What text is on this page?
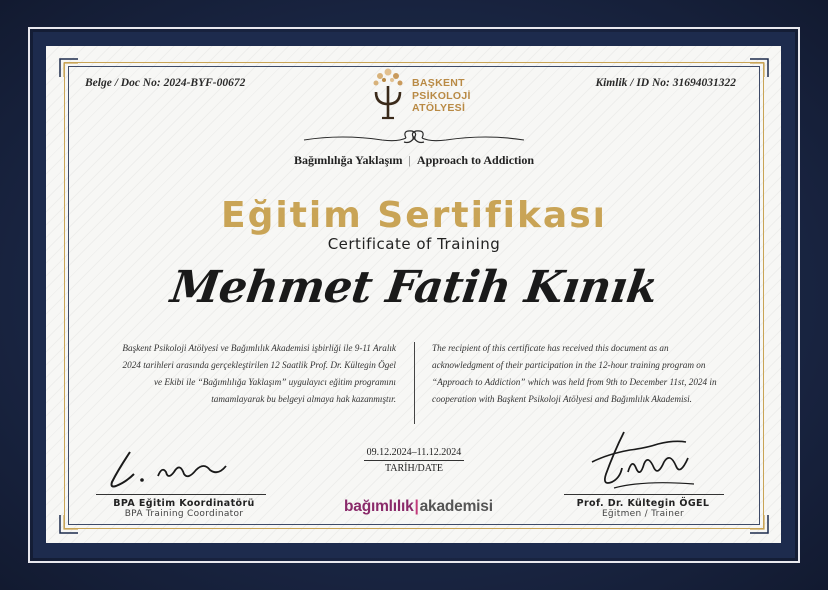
Belge / Doc No: 2024-BYF-00672	Kimlik / ID No: 31694031322
BAŞKENT
PSİKOLOJİ
ATÖLYESİ
Bağımlılığa Yaklaşım | Approach to Addiction
Eğitim Sertifikası
Certificate of Training
Mehmet Fatih Kınık
Başkent Psikoloji Atölyesi ve Bağımlılık Akademisi işbirliği ile 9-11 Aralık 2024 tarihleri arasında gerçekleştirilen 12 Saatlik Prof. Dr. Kültegin Ögel ve Ekibi ile “Bağımlılığa Yaklaşım” uygulayıcı eğitim programını tamamlayarak bu belgeyi almaya hak kazanmıştır.
The recipient of this certificate has received this document as an acknowledgment of their participation in the 12-hour training program on “Approach to Addiction” which was held from 9th to December 11st, 2024 in cooperation with Başkent Psikoloji Atölyesi and Bağımlılık Akademisi.
BPA Eğitim Koordinatörü
BPA Training Coordinator
09.12.2024–11.12.2024
TARİH/DATE
bağımlılık|akademisi	Prof. Dr. Kültegin ÖGEL
Eğitmen / Trainer
